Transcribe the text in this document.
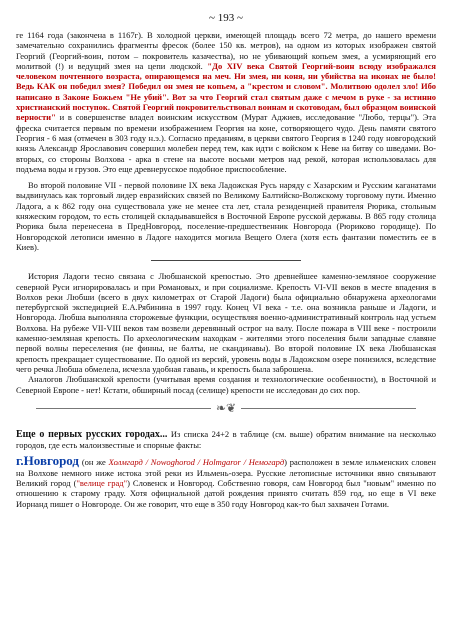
~ 193 ~

ге 1164 года (закончена в 1167г). В холодной церкви, имеющей площадь всего 72 метра, до нашего времени замечательно сохранились фрагменты фресок (более 150 кв. метров), на одном из которых изображен святой Георгий (Георгий-воин, потом – покровитель казачества), но не убивающий копьем змея, а усмиряющий его молитвой (!) и ведущий змея на цепи людской. "До XIV века Святой Георгий-воин всюду изображался человеком почтенного возраста, опирающемся на меч. Ни змея, ни коня, ни убийства на иконах не было! Ведь КАК он победил змея? Победил он змея не копьем, а "крестом и словом". Молитвою одолел зло! Ибо написано в Законе Божьем "Не убий". Вот за что Георгий стал святым даже с мечом в руке - за истинно христианский поступок. Святой Георгий покровительствовал воинам и скотоводам, был образцом воинской верности" и в совершенстве владел воинским искусством (Мурат Аджиев, исследование "Любо, терцы"). Эта фреска считается первым по времени изображением Георгия на коне, сотворяющего чудо. День памяти святого Георгия - 6 мая (отмечен в 303 году н.э.). Согласно преданиям, в церкви святого Георгия в 1240 году новгородский князь Александр Ярославович совершил молебен перед тем, как идти с войском к Неве на битву со шведами. Во-вторых, со стороны Волхова - арка в стене на высоте восьми метров над рекой, которая использовалась для подъема воды и грузов. Это еще древнерусское подобное приспособление.

Во второй половине VII - первой половине IX века Ладожская Русь наряду с Хазарским и Русским каганатами выдвинулась как торговый лидер евразийских связей по Великому Балтийско-Волжскому торговому пути. Именно Ладога, а к 862 году она существовала уже не менее ста лет, стала резиденцией правителя Рюрика, стольным княжеским городом, то есть столицей складывавшейся в Восточной Европе русской державы. В 865 году столица Рюрика была перенесена в ПредНовгород, поселение-предшественник Новгорода (Рюриково городище). По Новгородской летописи именно в Ладоге находится могила Вещего Олега (хотя есть фантазии поместить ее в Киев).

История Ладоги тесно связана с Любшанской крепостью. Это древнейшее каменно-земляное сооружение северной Руси игнорировалась и при Романовых, и при социализме. Крепость VI-VII веков в месте впадения в Волхов реки Любши (всего в двух километрах от Старой Ладоги) была официально обнаружена археологами петербургской экспедицией Е.А.Рябинина в 1997 году. Конец VI века - т.е. она возникла раньше и Ладоги, и Новгорода. Любша выполняла сторожевые функции, осуществляя военно-административный контроль над устьем Волхова. На рубеже VII-VIII веков там возвели деревянный острог на валу. После пожара в VIII веке - построили каменно-земляная крепость. По археологическим находкам - жителями этого поселения были западные славяне первой волны переселения (не финны, не балты, не скандинавы). Во второй половине IX века Любшанская крепость прекращает существование. По одной из версий, уровень воды в Ладожском озере понизился, вследствие чего речка Любша обмелела, исчезла удобная гавань, и крепость была заброшена.

Аналогов Любшанской крепости (учитывая время создания и технологические особенности), в Восточной и Северной Европе - нет! Кстати, обширный посад (селище) крепости не исследован до сих пор.

❧❦

Еще о первых русских городах... Из списка 24+2 в таблице (см. выше) обратим внимание на несколько городов, где есть малоизвестные и спорные факты:

г.Новгород (он же Холмгард / Nowoghorod / Holmgaror / Немогард) расположен в земле ильменских словен на Волхове немного ниже истока этой реки из Ильмень-озера. Русские летописные источники явно связывают Великий город ("велице град") Словенск и Новгород. Собственно говоря, сам Новгород был "новым" именно по отношению к старому граду. Хотя официальной датой рождения принято считать 859 год, но еще в VI веке Иорнанд пишет о Новгороде. Он же говорит, что еще в 350 году Новгород как-то был захвачен Готами.
